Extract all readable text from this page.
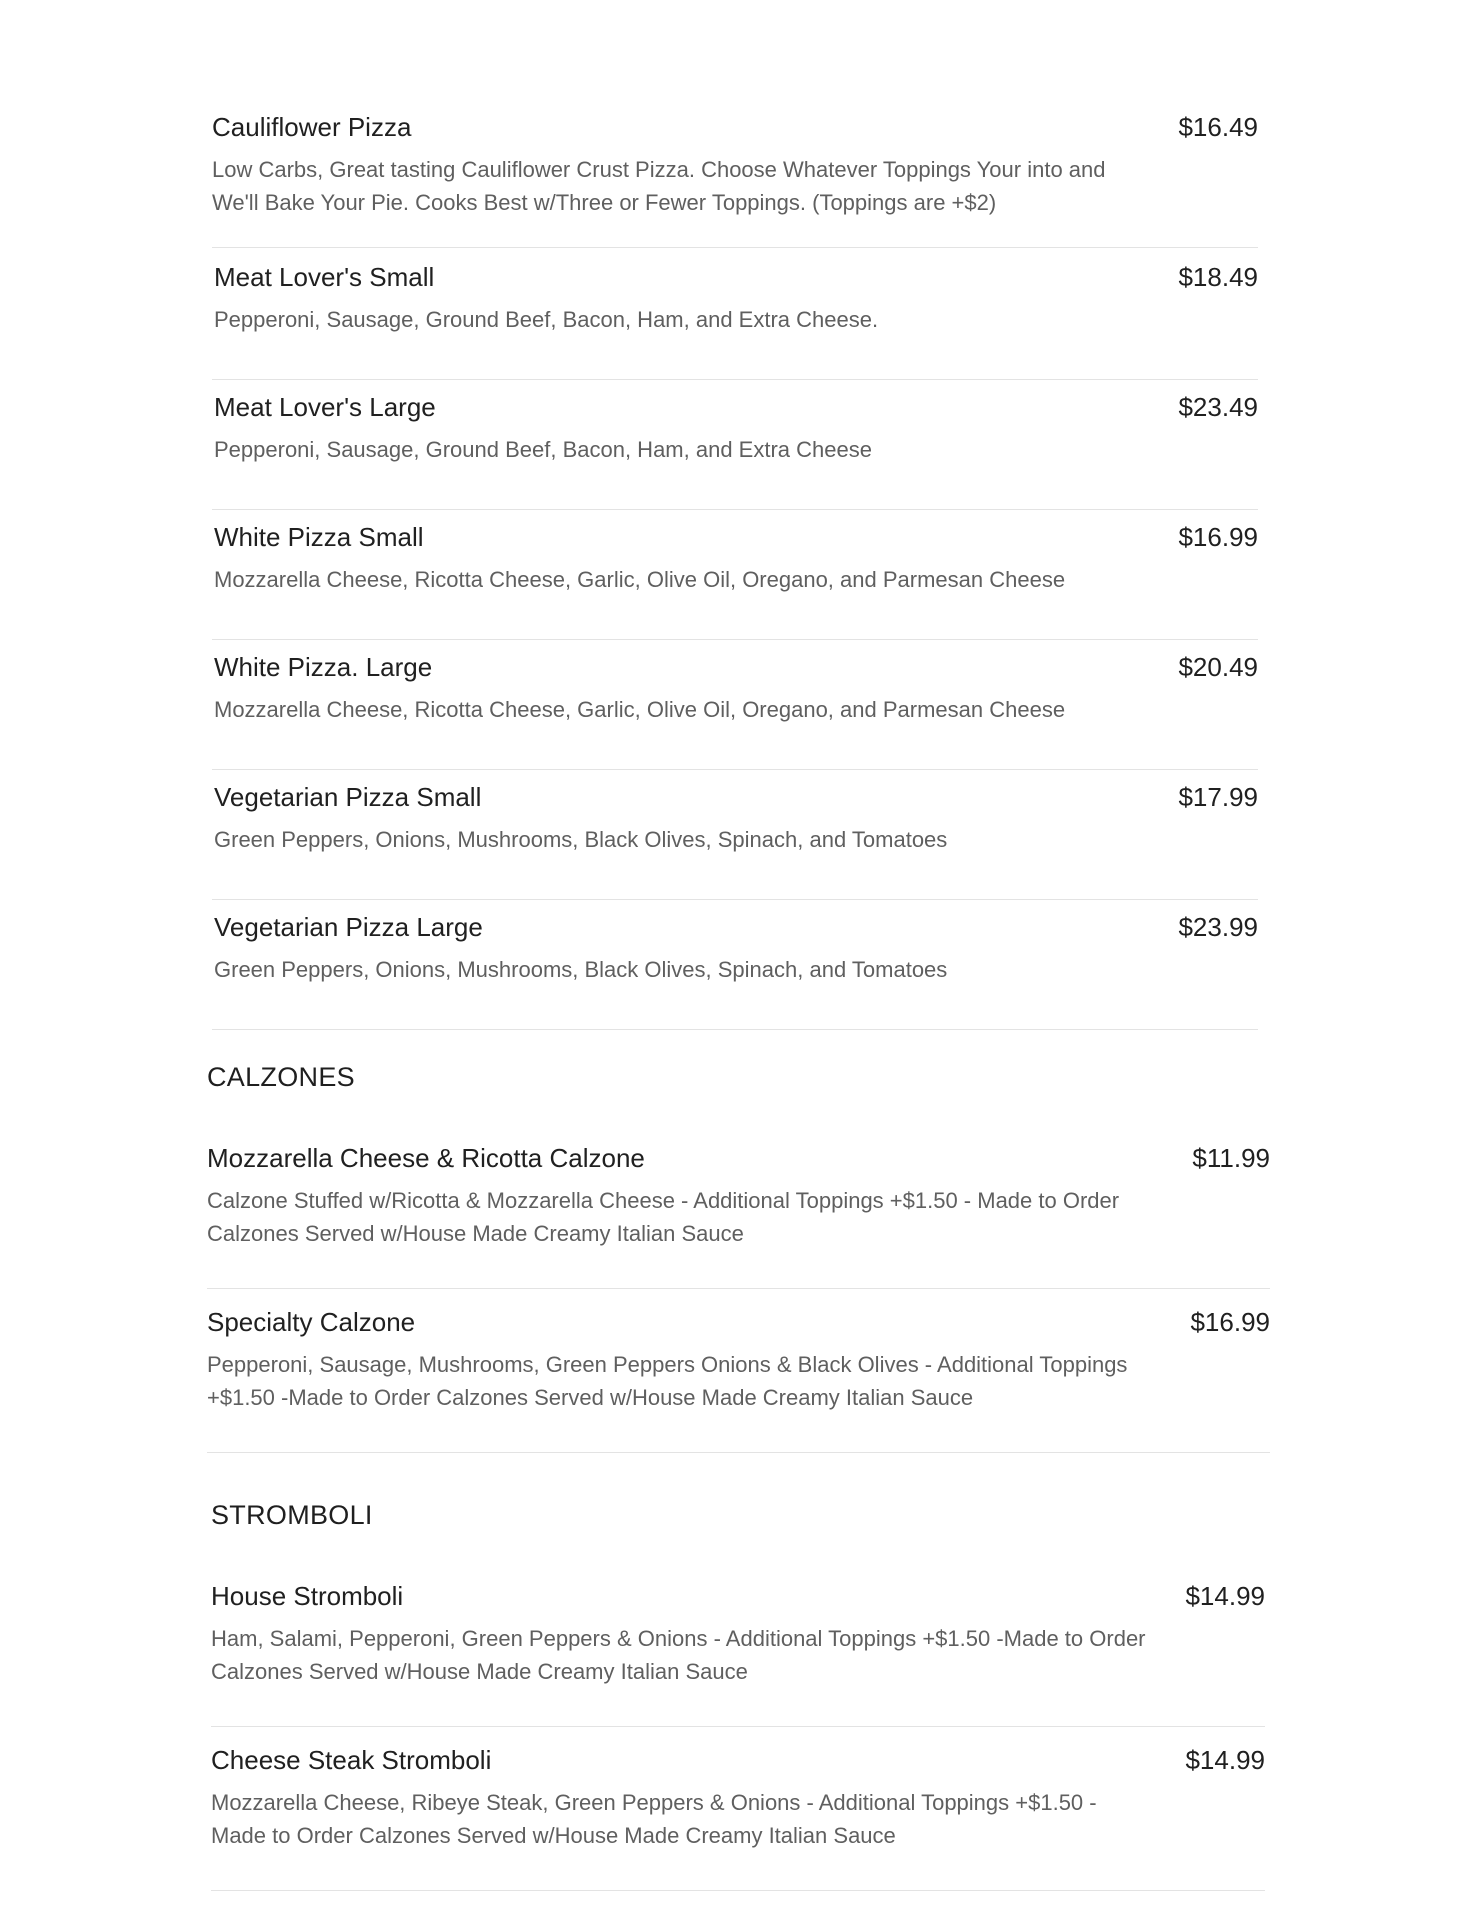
Cauliflower Pizza	$16.49
Low Carbs, Great tasting Cauliflower Crust Pizza. Choose Whatever Toppings Your into and We'll Bake Your Pie. Cooks Best w/Three or Fewer Toppings. (Toppings are +$2)
Meat Lover's Small	$18.49
Pepperoni, Sausage, Ground Beef, Bacon, Ham, and Extra Cheese.
Meat Lover's Large	$23.49
Pepperoni, Sausage, Ground Beef, Bacon, Ham, and Extra Cheese
White Pizza Small	$16.99
Mozzarella Cheese, Ricotta Cheese, Garlic, Olive Oil, Oregano, and Parmesan Cheese
White Pizza. Large	$20.49
Mozzarella Cheese, Ricotta Cheese, Garlic, Olive Oil, Oregano, and Parmesan Cheese
Vegetarian Pizza Small	$17.99
Green Peppers, Onions, Mushrooms, Black Olives, Spinach, and Tomatoes
Vegetarian Pizza Large	$23.99
Green Peppers, Onions, Mushrooms, Black Olives, Spinach, and Tomatoes
CALZONES
Mozzarella Cheese & Ricotta Calzone	$11.99
Calzone Stuffed w/Ricotta & Mozzarella Cheese - Additional Toppings +$1.50 - Made to Order Calzones Served w/House Made Creamy Italian Sauce
Specialty Calzone	$16.99
Pepperoni, Sausage, Mushrooms, Green Peppers Onions & Black Olives - Additional Toppings +$1.50 -Made to Order Calzones Served w/House Made Creamy Italian Sauce
STROMBOLI
House Stromboli	$14.99
Ham, Salami, Pepperoni, Green Peppers & Onions - Additional Toppings +$1.50 -Made to Order Calzones Served w/House Made Creamy Italian Sauce
Cheese Steak Stromboli	$14.99
Mozzarella Cheese, Ribeye Steak, Green Peppers & Onions - Additional Toppings +$1.50 - Made to Order Calzones Served w/House Made Creamy Italian Sauce
